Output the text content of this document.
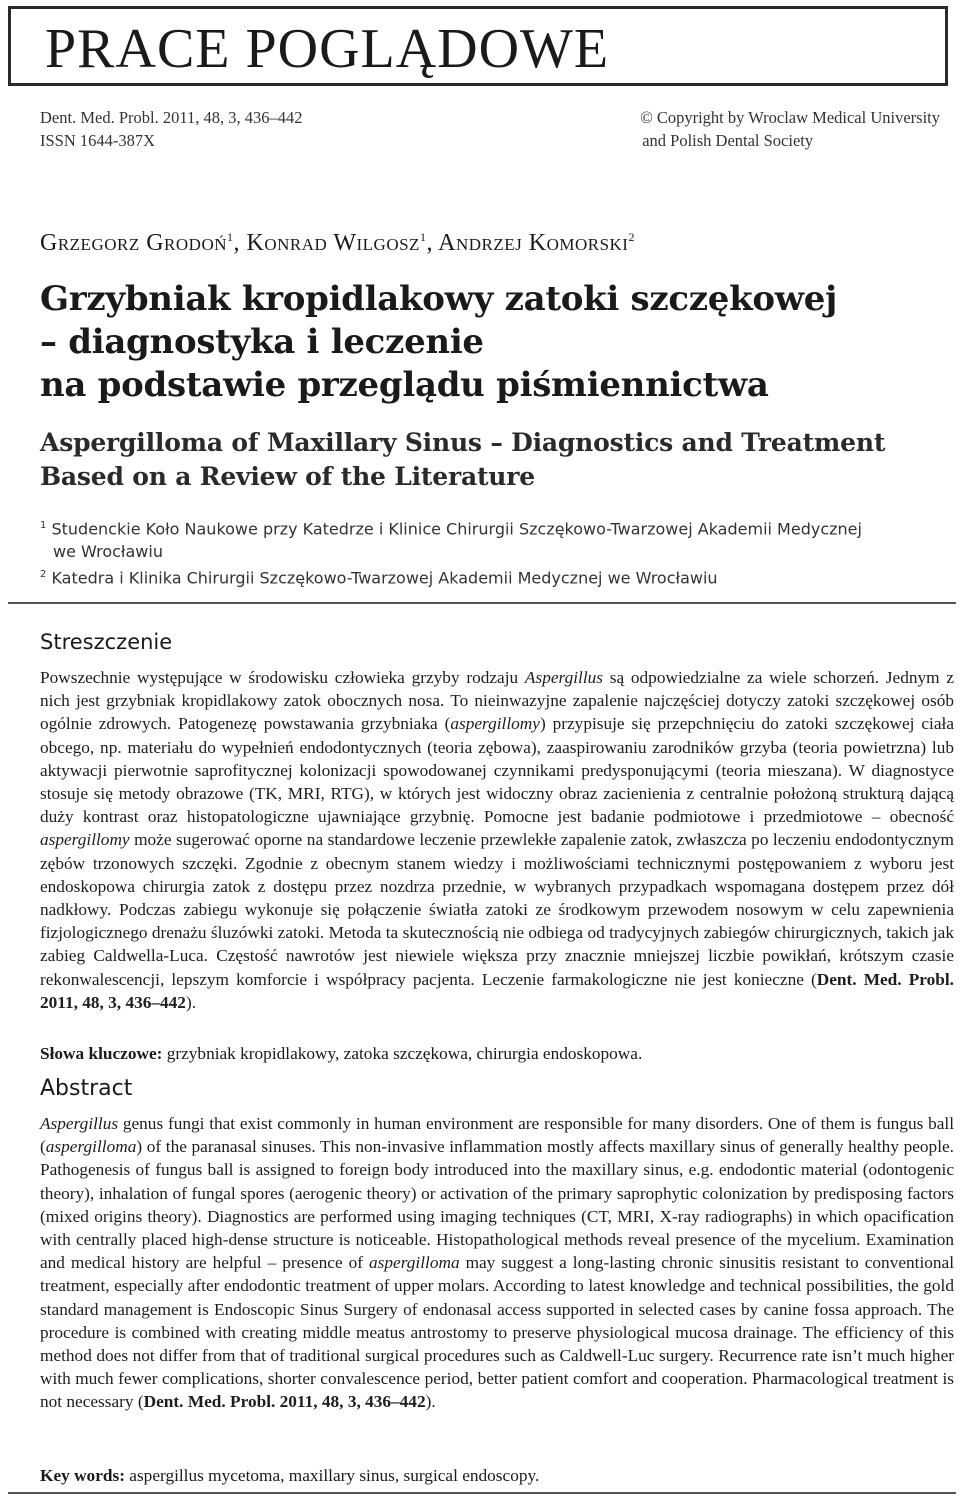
PRACE POGLĄDOWE
Dent. Med. Probl. 2011, 48, 3, 436–442
ISSN 1644-387X
© Copyright by Wroclaw Medical University
and Polish Dental Society
Grzegorz Grodoń$^1$, Konrad Wilgosz$^1$, Andrzej Komorski$^2$
Grzybniak kropidlakowy zatoki szczękowej
– diagnostyka i leczenie
na podstawie przeglądu piśmiennictwa
Aspergilloma of Maxillary Sinus – Diagnostics and Treatment
Based on a Review of the Literature
$^1$ Studenckie Koło Naukowe przy Katedrze i Klinice Chirurgii Szczękowo-Twarzowej Akademii Medycznej
we Wrocławiu
$^2$ Katedra i Klinika Chirurgii Szczękowo-Twarzowej Akademii Medycznej we Wrocławiu
Streszczenie
Powszechnie występujące w środowisku człowieka grzyby rodzaju Aspergillus są odpowiedzialne za wiele schorzeń. Jednym z nich jest grzybniak kropidlakowy zatok obocznych nosa. To nieinwazyjne zapalenie najczęściej dotyczy zatoki szczękowej osób ogólnie zdrowych. Patogenezę powstawania grzybniaka (aspergillomy) przypisuje się przepchnięciu do zatoki szczękowej ciała obcego, np. materiału do wypełnień endodontycznych (teoria zębowa), zaaspirowaniu zarodników grzyba (teoria powietrzna) lub aktywacji pierwotnie saprofitycznej kolonizacji spowodowanej czynnikami predysponującymi (teoria mieszana). W diagnostyce stosuje się metody obrazowe (TK, MRI, RTG), w których jest widoczny obraz zacienienia z centralnie położoną strukturą dającą duży kontrast oraz histopatologiczne ujawniające grzybnię. Pomocne jest badanie podmiotowe i przedmiotowe – obecność aspergillomy może sugerować oporne na standardowe leczenie przewlekłe zapalenie zatok, zwłaszcza po leczeniu endodontycznym zębów trzonowych szczęki. Zgodnie z obecnym stanem wiedzy i możliwościami technicznymi postępowaniem z wyboru jest endoskopowa chirurgia zatok z dostępu przez nozdrza przednie, w wybranych przypadkach wspomagana dostępem przez dół nadkłowy. Podczas zabiegu wykonuje się połączenie światła zatoki ze środkowym przewodem nosowym w celu zapewnienia fizjologicznego drenażu śluzówki zatoki. Metoda ta skutecznością nie odbiega od tradycyjnych zabiegów chirurgicznych, takich jak zabieg Caldwella-Luca. Częstość nawrotów jest niewiele większa przy znacznie mniejszej liczbie powikłań, krótszym czasie rekonwalescencji, lepszym komforcie i współpracy pacjenta. Leczenie farmakologiczne nie jest konieczne (Dent. Med. Probl. 2011, 48, 3, 436–442).
Słowa kluczowe: grzybniak kropidlakowy, zatoka szczękowa, chirurgia endoskopowa.
Abstract
Aspergillus genus fungi that exist commonly in human environment are responsible for many disorders. One of them is fungus ball (aspergilloma) of the paranasal sinuses. This non-invasive inflammation mostly affects maxillary sinus of generally healthy people. Pathogenesis of fungus ball is assigned to foreign body introduced into the maxillary sinus, e.g. endodontic material (odontogenic theory), inhalation of fungal spores (aerogenic theory) or activation of the primary saprophytic colonization by predisposing factors (mixed origins theory). Diagnostics are performed using imaging techniques (CT, MRI, X-ray radiographs) in which opacification with centrally placed high-dense structure is noticeable. Histopathological methods reveal presence of the mycelium. Examination and medical history are helpful – presence of aspergilloma may suggest a long-lasting chronic sinusitis resistant to conventional treatment, especially after endodontic treatment of upper molars. According to latest knowledge and technical possibilities, the gold standard management is Endoscopic Sinus Surgery of endonasal access supported in selected cases by canine fossa approach. The procedure is combined with creating middle meatus antrostomy to preserve physiological mucosa drainage. The efficiency of this method does not differ from that of traditional surgical procedures such as Caldwell-Luc surgery. Recurrence rate isn’t much higher with much fewer complications, shorter convalescence period, better patient comfort and cooperation. Pharmacological treatment is not necessary (Dent. Med. Probl. 2011, 48, 3, 436–442).
Key words: aspergillus mycetoma, maxillary sinus, surgical endoscopy.
